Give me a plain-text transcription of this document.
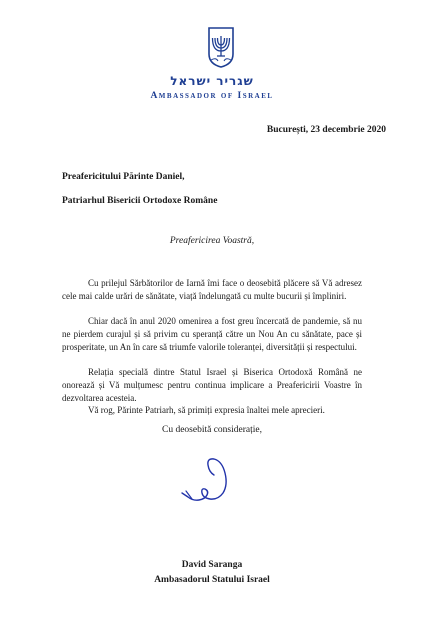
שגריר ישראל
Ambassador of Israel
București, 23 decembrie 2020
Preafericitului Părinte Daniel,
Patriarhul Bisericii Ortodoxe Române
Preafericirea Voastră,

Cu prilejul Sărbătorilor de Iarnă îmi face o deosebită plăcere să Vă adresez cele mai calde urări de sănătate, viață îndelungată cu multe bucurii și împliniri.

Chiar dacă în anul 2020 omenirea a fost greu încercată de pandemie, să nu ne pierdem curajul și să privim cu speranță către un Nou An cu sănătate, pace și prosperitate, un An în care să triumfe valorile toleranței, diversității și respectului.

Relația specială dintre Statul Israel și Biserica Ortodoxă Română ne onorează și Vă mulțumesc pentru continua implicare a Preafericirii Voastre în dezvoltarea acesteia.

Vă rog, Părinte Patriarh, să primiți expresia înaltei mele aprecieri.

Cu deosebită considerație,
David Saranga
Ambasadorul Statului Israel
